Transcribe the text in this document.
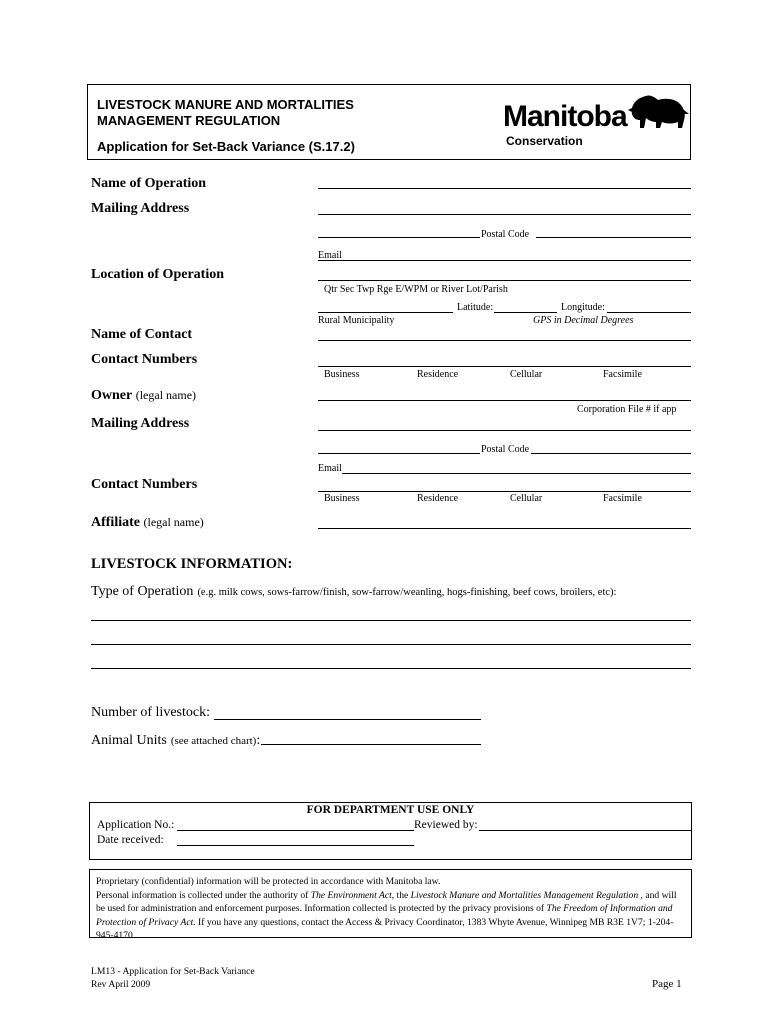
LIVESTOCK MANURE AND MORTALITIES
MANAGEMENT REGULATION
Application for Set-Back Variance (S.17.2)
Manitoba
Conservation
Name of Operation
Mailing Address
Postal Code
Email
Location of Operation
Qtr Sec Twp Rge E/WPM or River Lot/Parish
Latitude:	Longitude:
Rural Municipality	GPS in Decimal Degrees
Name of Contact
Contact Numbers
Business	Residence	Cellular	Facsimile
Owner (legal name)
Corporation File # if app
Mailing Address
Postal Code
Email
Contact Numbers
Business	Residence	Cellular	Facsimile
Affiliate (legal name)
LIVESTOCK INFORMATION:
Type of Operation (e.g. milk cows, sows-farrow/finish, sow-farrow/weanling, hogs-finishing, beef cows, broilers, etc):
Number of livestock:
Animal Units (see attached chart):
FOR DEPARTMENT USE ONLY
Application No.:	Reviewed by:
Date received:
Proprietary (confidential) information will be protected in accordance with Manitoba law.
Personal information is collected under the authority of The Environment Act, the Livestock Manure and Mortalities Management Regulation , and will be used for administration and enforcement purposes. Information collected is protected by the privacy provisions of The Freedom of Information and Protection of Privacy Act. If you have any questions, contact the Access & Privacy Coordinator, 1383 Whyte Avenue, Winnipeg MB R3E 1V7; 1-204-945-4170.
LM13 - Application for Set-Back Variance
Rev April 2009	Page 1
